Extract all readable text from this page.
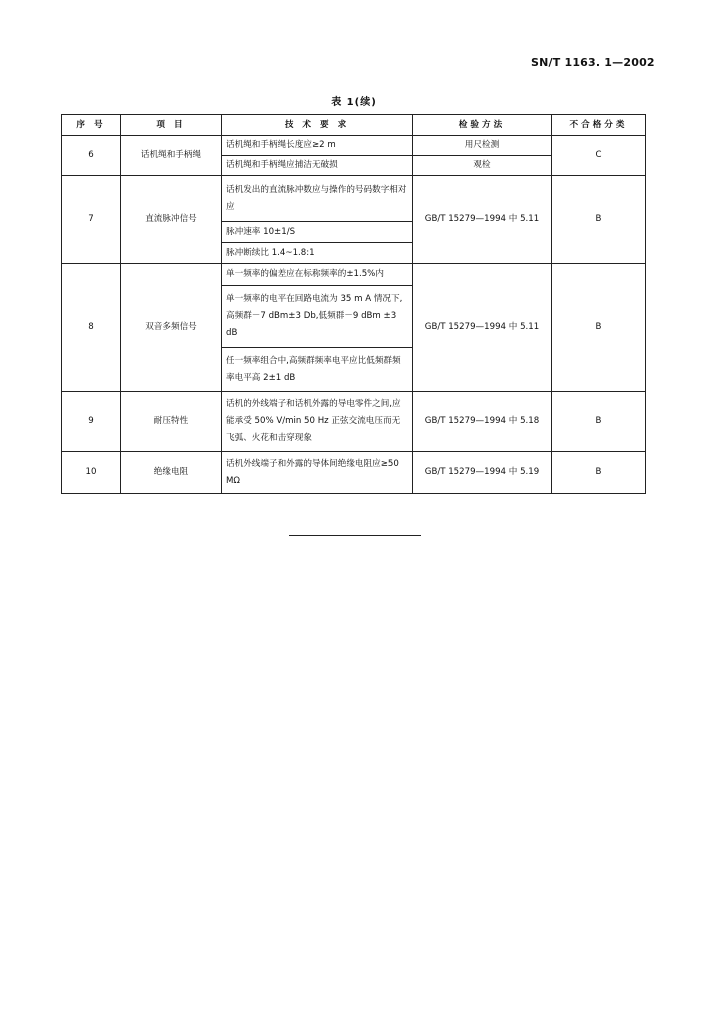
SN/T 1163. 1—2002
表 1(续)
序 号	项 目	技 术 要 求	检验方法	不合格分类
6	话机绳和手柄绳	话机绳和手柄绳长度应≥2 m	用尺检测	C
		话机绳和手柄绳应捕洁无破损	观检	
7	直流脉冲信号	话机发出的直流脉冲数应与操作的号码数字相对应	GB/T 15279—1994 中 5.11	B
		脉冲速率 10±1/S		
		脉冲断续比 1.4~1.8:1		
8	双音多频信号	单一频率的偏差应在标称频率的±1.5%内	GB/T 15279—1994 中 5.11	B
		单一频率的电平在回路电流为 35 m A 情况下,高频群－7 dBm±3 Db,低频群－9 dBm ±3 dB		
		任一频率组合中,高频群频率电平应比低频群频率电平高 2±1 dB		
9	耐压特性	话机的外线端子和话机外露的导电零件之间,应能承受 50% V/min 50 Hz 正弦交流电压而无飞弧、火花和击穿现象	GB/T 15279—1994 中 5.18	B
10	绝缘电阻	话机外线端子和外露的导体间绝缘电阻应≥50 MΩ	GB/T 15279—1994 中 5.19	B
